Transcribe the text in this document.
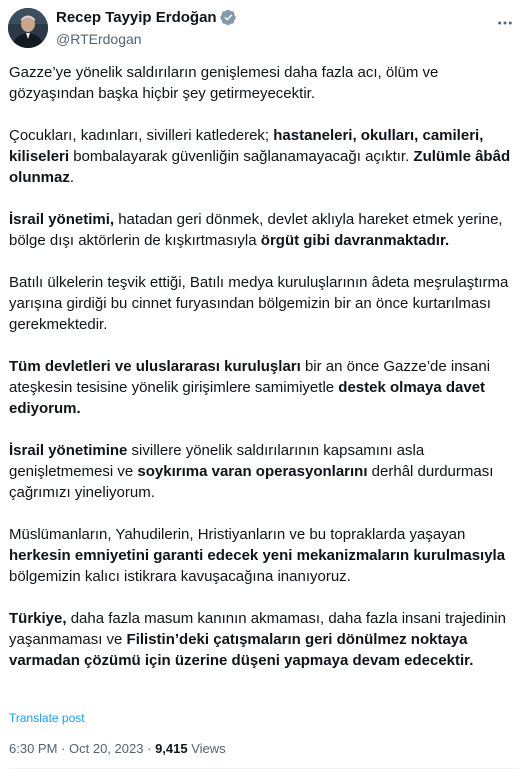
Recep Tayyip Erdoğan
@RTErdogan

Gazze’ye yönelik saldırıların genişlemesi daha fazla acı, ölüm ve gözyaşından başka hiçbir şey getirmeyecektir.

Çocukları, kadınları, sivilleri katlederek; hastaneleri, okulları, camileri, kiliseleri bombalayarak güvenliğin sağlanamayacağı açıktır. Zulümle âbâd olunmaz.

İsrail yönetimi, hatadan geri dönmek, devlet aklıyla hareket etmek yerine, bölge dışı aktörlerin de kışkırtmasıyla örgüt gibi davranmaktadır.

Batılı ülkelerin teşvik ettiği, Batılı medya kuruluşlarının âdeta meşrulaştırma yarışına girdiği bu cinnet furyasından bölgemizin bir an önce kurtarılması gerekmektedir.

Tüm devletleri ve uluslararası kuruluşları bir an önce Gazze’de insani ateşkesin tesisine yönelik girişimlere samimiyetle destek olmaya davet ediyorum.

İsrail yönetimine sivillere yönelik saldırılarının kapsamını asla genişletmemesi ve soykırıma varan operasyonlarını derhâl durdurması çağrımızı yineliyorum.

Müslümanların, Yahudilerin, Hristiyanların ve bu topraklarda yaşayan herkesin emniyetini garanti edecek yeni mekanizmaların kurulmasıyla bölgemizin kalıcı istikrara kavuşacağına inanıyoruz.

Türkiye, daha fazla masum kanının akmaması, daha fazla insani trajedinin yaşanmaması ve Filistin’deki çatışmaların geri dönülmez noktaya varmadan çözümü için üzerine düşeni yapmaya devam edecektir.

Translate post
6:30 PM · Oct 20, 2023 · 9,415 Views
